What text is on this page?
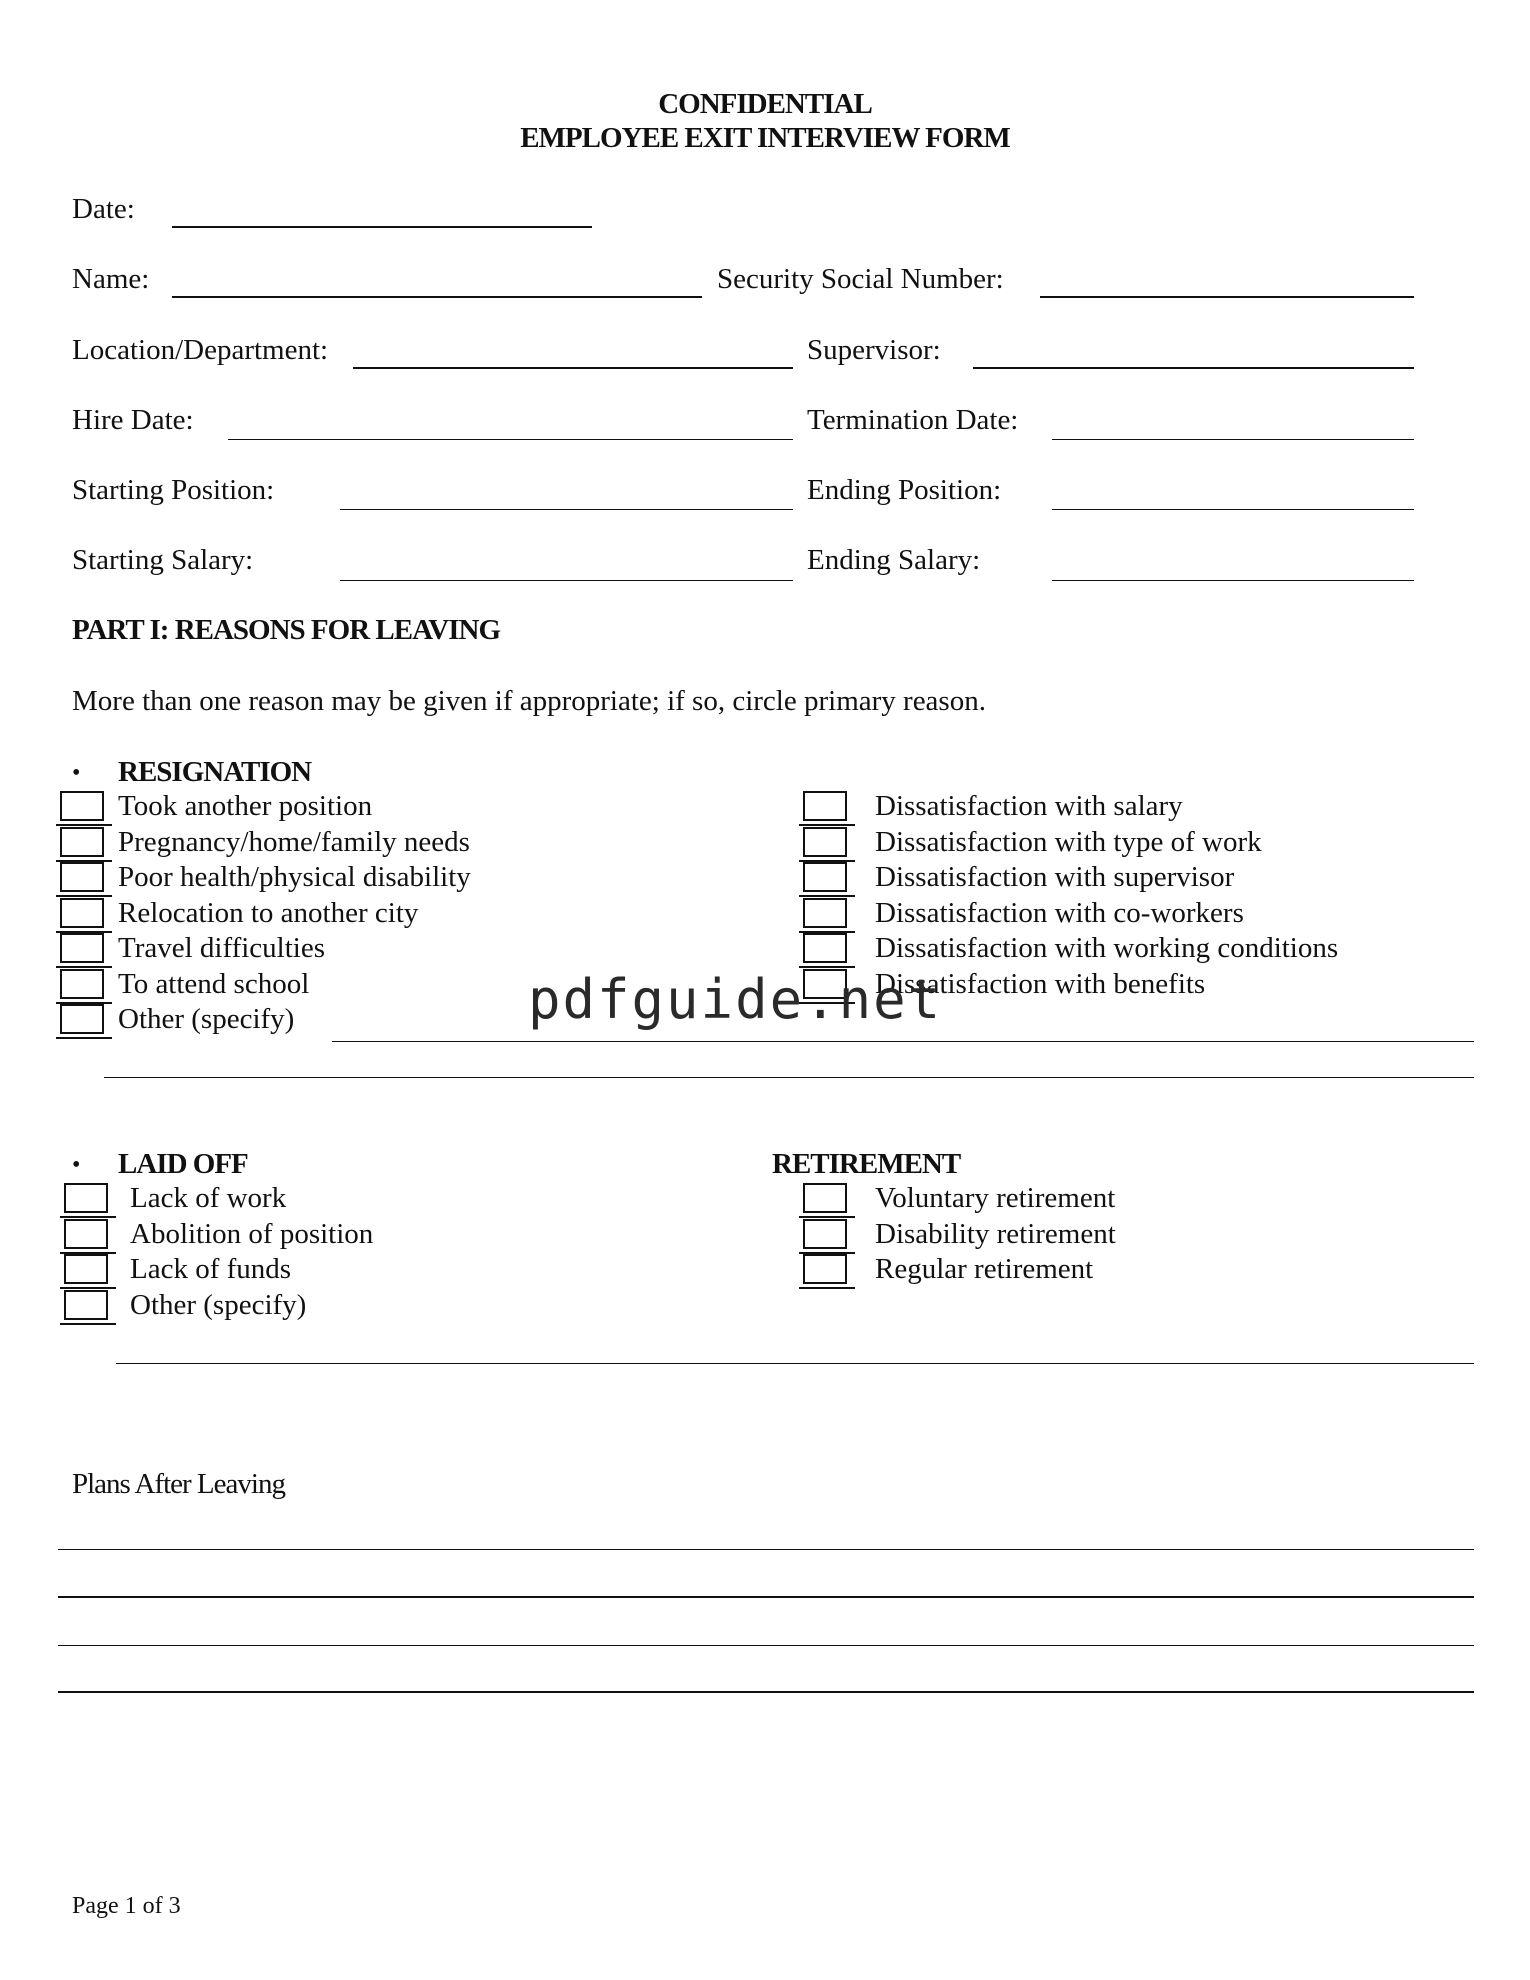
CONFIDENTIAL
EMPLOYEE EXIT INTERVIEW FORM
Date:
Name:	Security Social Number:
Location/Department:	Supervisor:
Hire Date:	Termination Date:
Starting Position:	Ending Position:
Starting Salary:	Ending Salary:
PART I: REASONS FOR LEAVING
More than one reason may be given if appropriate; if so, circle primary reason.
• RESIGNATION
Took another position
Pregnancy/home/family needs
Poor health/physical disability
Relocation to another city
Travel difficulties
To attend school
Other (specify)
Dissatisfaction with salary
Dissatisfaction with type of work
Dissatisfaction with supervisor
Dissatisfaction with co-workers
Dissatisfaction with working conditions
Dissatisfaction with benefits
• LAID OFF
Lack of work
Abolition of position
Lack of funds
Other (specify)
RETIREMENT
Voluntary retirement
Disability retirement
Regular retirement
Plans After Leaving
pdfguide.net
Page 1 of 3
